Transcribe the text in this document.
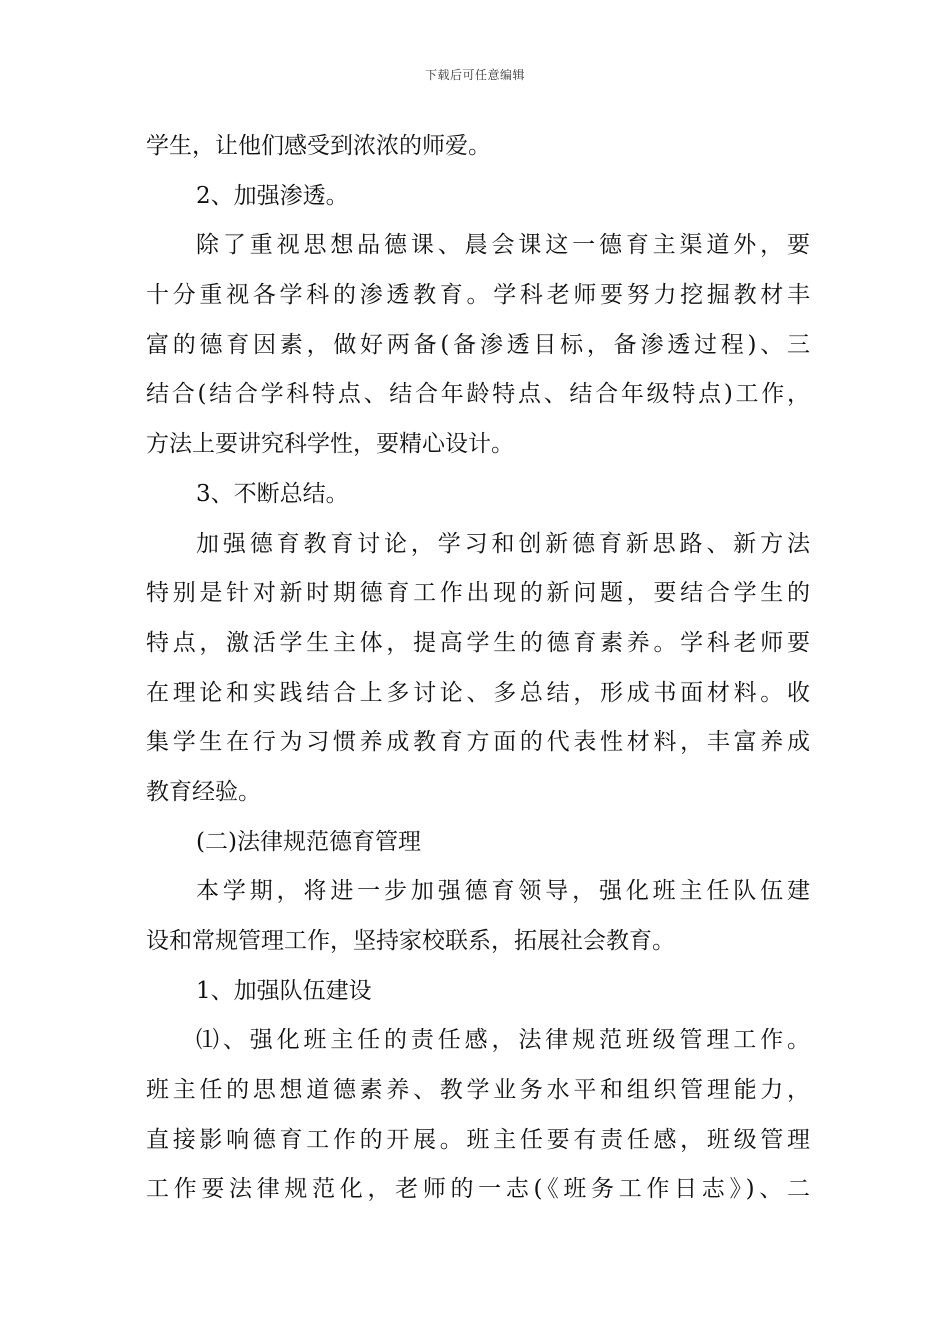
下载后可任意编辑
学生，让他们感受到浓浓的师爱。
2、加强渗透。
除了重视思想品德课、晨会课这一德育主渠道外，要
十分重视各学科的渗透教育。学科老师要努力挖掘教材丰
富的德育因素，做好两备(备渗透目标，备渗透过程)、三
结合(结合学科特点、结合年龄特点、结合年级特点)工作，
方法上要讲究科学性，要精心设计。
3、不断总结。
加强德育教育讨论，学习和创新德育新思路、新方法
特别是针对新时期德育工作出现的新问题，要结合学生的
特点，激活学生主体，提高学生的德育素养。学科老师要
在理论和实践结合上多讨论、多总结，形成书面材料。收
集学生在行为习惯养成教育方面的代表性材料，丰富养成
教育经验。
(二)法律规范德育管理
本学期，将进一步加强德育领导，强化班主任队伍建
设和常规管理工作，坚持家校联系，拓展社会教育。
1、加强队伍建设
⑴、强化班主任的责任感，法律规范班级管理工作。
班主任的思想道德素养、教学业务水平和组织管理能力，
直接影响德育工作的开展。班主任要有责任感，班级管理
工作要法律规范化，老师的一志(《班务工作日志》)、二
